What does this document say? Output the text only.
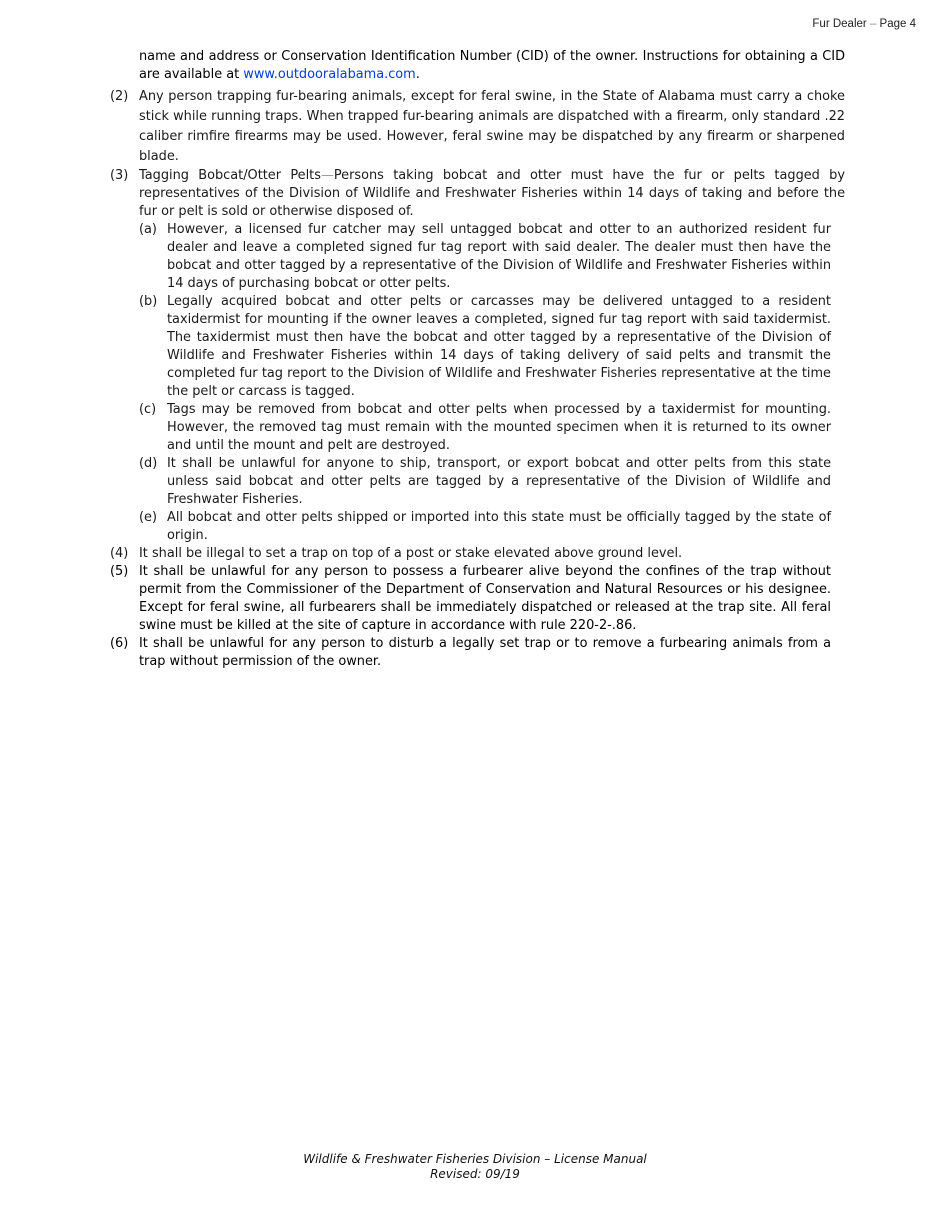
Fur Dealer – Page 4
name and address or Conservation Identification Number (CID) of the owner. Instructions for obtaining a CID are available at www.outdooralabama.com.
(2) Any person trapping fur-bearing animals, except for feral swine, in the State of Alabama must carry a choke stick while running traps. When trapped fur-bearing animals are dispatched with a firearm, only standard .22 caliber rimfire firearms may be used. However, feral swine may be dispatched by any firearm or sharpened blade.
(3) Tagging Bobcat/Otter Pelts—Persons taking bobcat and otter must have the fur or pelts tagged by representatives of the Division of Wildlife and Freshwater Fisheries within 14 days of taking and before the fur or pelt is sold or otherwise disposed of.
(a) However, a licensed fur catcher may sell untagged bobcat and otter to an authorized resident fur dealer and leave a completed signed fur tag report with said dealer. The dealer must then have the bobcat and otter tagged by a representative of the Division of Wildlife and Freshwater Fisheries within 14 days of purchasing bobcat or otter pelts.
(b) Legally acquired bobcat and otter pelts or carcasses may be delivered untagged to a resident taxidermist for mounting if the owner leaves a completed, signed fur tag report with said taxidermist. The taxidermist must then have the bobcat and otter tagged by a representative of the Division of Wildlife and Freshwater Fisheries within 14 days of taking delivery of said pelts and transmit the completed fur tag report to the Division of Wildlife and Freshwater Fisheries representative at the time the pelt or carcass is tagged.
(c) Tags may be removed from bobcat and otter pelts when processed by a taxidermist for mounting. However, the removed tag must remain with the mounted specimen when it is returned to its owner and until the mount and pelt are destroyed.
(d) It shall be unlawful for anyone to ship, transport, or export bobcat and otter pelts from this state unless said bobcat and otter pelts are tagged by a representative of the Division of Wildlife and Freshwater Fisheries.
(e) All bobcat and otter pelts shipped or imported into this state must be officially tagged by the state of origin.
(4) It shall be illegal to set a trap on top of a post or stake elevated above ground level.
(5) It shall be unlawful for any person to possess a furbearer alive beyond the confines of the trap without permit from the Commissioner of the Department of Conservation and Natural Resources or his designee. Except for feral swine, all furbearers shall be immediately dispatched or released at the trap site. All feral swine must be killed at the site of capture in accordance with rule 220-2-.86.
(6) It shall be unlawful for any person to disturb a legally set trap or to remove a furbearing animals from a trap without permission of the owner.
Wildlife & Freshwater Fisheries Division – License Manual
Revised: 09/19
